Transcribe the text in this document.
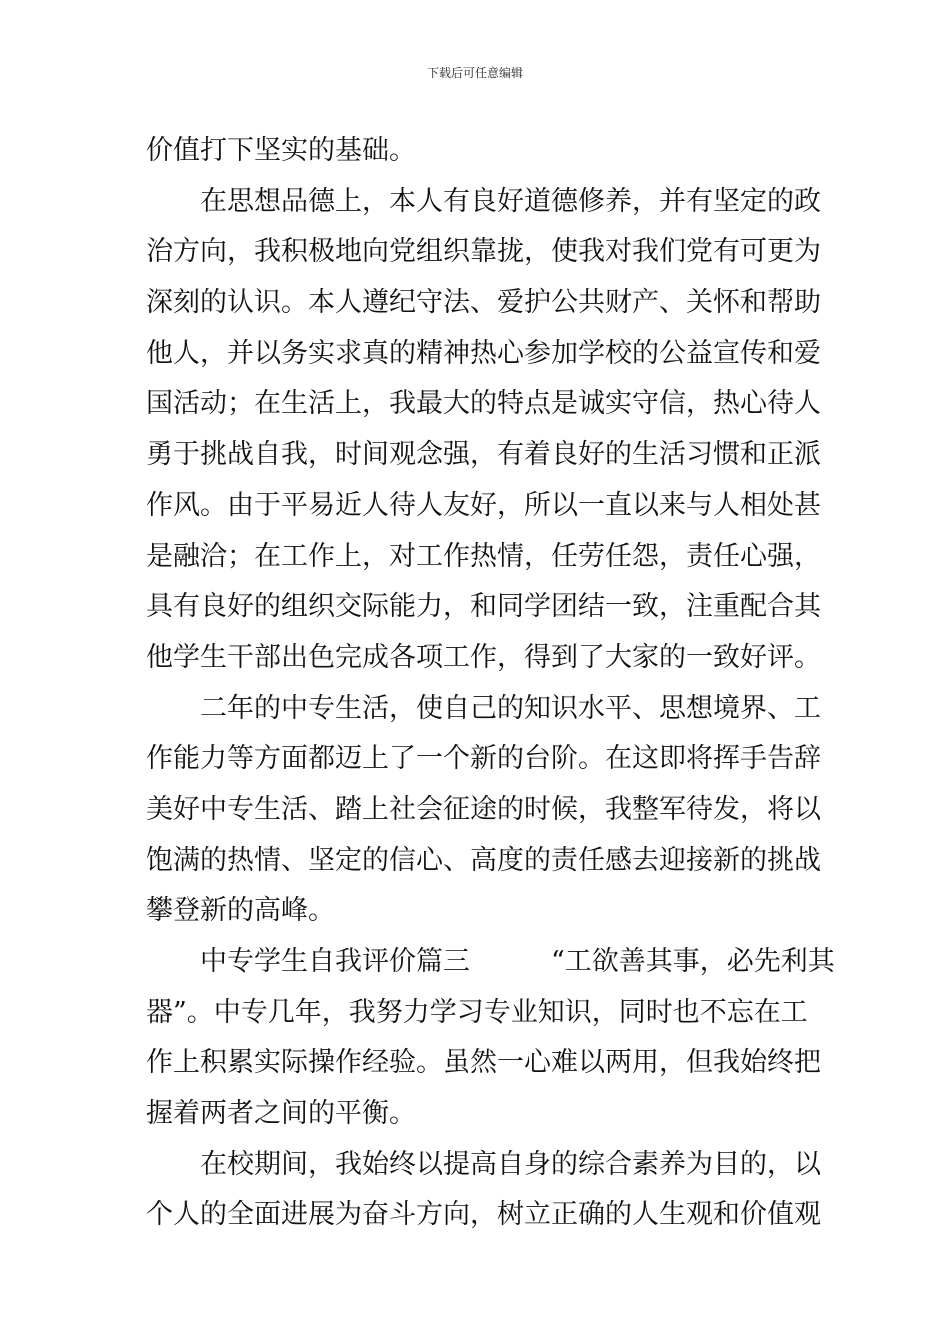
下载后可任意编辑
价值打下坚实的基础。
　　在思想品德上，本人有良好道德修养，并有坚定的政
治方向，我积极地向党组织靠拢，使我对我们党有可更为
深刻的认识。本人遵纪守法、爱护公共财产、关怀和帮助
他人，并以务实求真的精神热心参加学校的公益宣传和爱
国活动；在生活上，我最大的特点是诚实守信，热心待人
勇于挑战自我，时间观念强，有着良好的生活习惯和正派
作风。由于平易近人待人友好，所以一直以来与人相处甚
是融洽；在工作上，对工作热情，任劳任怨，责任心强，
具有良好的组织交际能力，和同学团结一致，注重配合其
他学生干部出色完成各项工作，得到了大家的一致好评。
　　二年的中专生活，使自己的知识水平、思想境界、工
作能力等方面都迈上了一个新的台阶。在这即将挥手告辞
美好中专生活、踏上社会征途的时候，我整军待发，将以
饱满的热情、坚定的信心、高度的责任感去迎接新的挑战
攀登新的高峰。
　　中专学生自我评价篇三　　　“工欲善其事，必先利其
器”。中专几年，我努力学习专业知识，同时也不忘在工
作上积累实际操作经验。虽然一心难以两用，但我始终把
握着两者之间的平衡。
　　在校期间，我始终以提高自身的综合素养为目的，以
个人的全面进展为奋斗方向，树立正确的人生观和价值观
